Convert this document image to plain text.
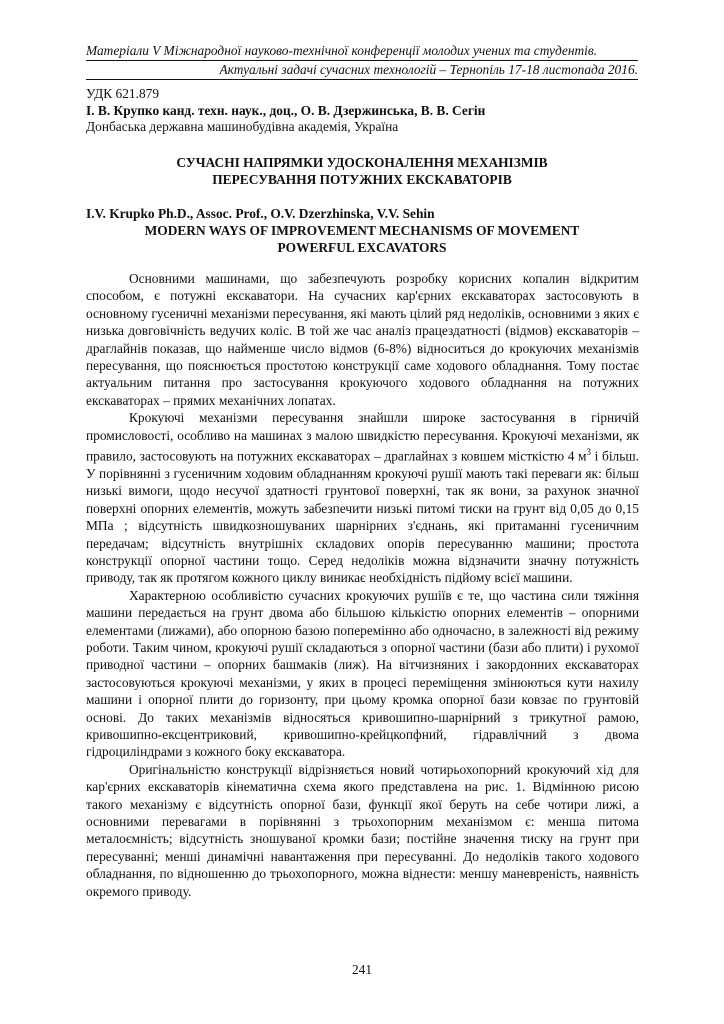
Матеріали V Міжнародної науково-технічної конференції молодих учених та студентів.
Актуальні задачі сучасних технологій – Тернопіль 17-18 листопада 2016.
УДК 621.879
І. В. Крупко канд. техн. наук., доц., О. В. Дзержинська, В. В. Сегін
Донбаська державна машинобудівна академія, Україна
СУЧАСНІ НАПРЯМКИ УДОСКОНАЛЕННЯ МЕХАНІЗМІВ
ПЕРЕСУВАННЯ ПОТУЖНИХ ЕКСКАВАТОРІВ
I.V. Krupko Ph.D., Assoc. Prof., O.V. Dzerzhinska, V.V. Sehin
MODERN WAYS OF IMPROVEMENT MECHANISMS OF MOVEMENT
POWERFUL EXCAVATORS

Основними машинами, що забезпечують розробку корисних копалин відкритим способом, є потужні екскаватори. На сучасних кар'єрних екскаваторах застосовують в основному гусеничні механізми пересування, які мають цілий ряд недоліків, основними з яких є низька довговічність ведучих коліс. В той же час аналіз працездатності (відмов) екскаваторів – драглайнів показав, що найменше число відмов (6-8%) відноситься до крокуючих механізмів пересування, що пояснюється простотою конструкції саме ходового обладнання. Тому постає актуальним питання про застосування крокуючого ходового обладнання на потужних екскаваторах – прямих механічних лопатах.

Крокуючі механізми пересування знайшли широке застосування в гірничій промисловості, особливо на машинах з малою швидкістю пересування. Крокуючі механізми, як правило, застосовують на потужних екскаваторах – драглайнах з ковшем місткістю 4 $м^3$ і більш. У порівнянні з гусеничним ходовим обладнанням крокуючі рушії мають такі переваги як: більш низькі вимоги, щодо несучої здатності грунтової поверхні, так як вони, за рахунок значної поверхні опорних елементів, можуть забезпечити низькі питомі тиски на грунт від 0,05 до 0,15 МПа ; відсутність швидкозношуваних шарнірних з'єднань, які притаманні гусеничним передачам; відсутність внутрішніх складових опорів пересуванню машини; простота конструкції опорної частини тощо. Серед недоліків можна відзначити значну потужність приводу, так як протягом кожного циклу виникає необхідність підйому всієї машини.

Характерною особливістю сучасних крокуючих рушіїв є те, що частина сили тяжіння машини передається на грунт двома або більшою кількістю опорних елементів – опорними елементами (лижами), або опорною базою поперемінно або одночасно, в залежності від режиму роботи. Таким чином, крокуючі рушії складаються з опорної частини (бази або плити) і рухомої приводної частини – опорних башмаків (лиж). На вітчизняних і закордонних екскаваторах застосовуються крокуючі механізми, у яких в процесі переміщення змінюються кути нахилу машини і опорної плити до горизонту, при цьому кромка опорної бази ковзає по грунтовій основі. До таких механізмів відносяться кривошипно-шарнірний з трикутної рамою, кривошипно-ексцентриковий, кривошипно-крейцкопфний, гідравлічний з двома гідроциліндрами з кожного боку екскаватора.

Оригінальністю конструкції відрізняється новий чотирьохопорний крокуючий хід для кар'єрних екскаваторів кінематична схема якого представлена на рис. 1. Відмінною рисою такого механізму є відсутність опорної бази, функції якої беруть на себе чотири лижі, а основними перевагами в порівнянні з трьохопорним механізмом є: менша питома металоємність; відсутність зношуваної кромки бази; постійне значення тиску на грунт при пересуванні; менші динамічні навантаження при пересуванні. До недоліків такого ходового обладнання, по відношенню до трьохопорного, можна віднести: меншу маневреність, наявність окремого приводу.

241
